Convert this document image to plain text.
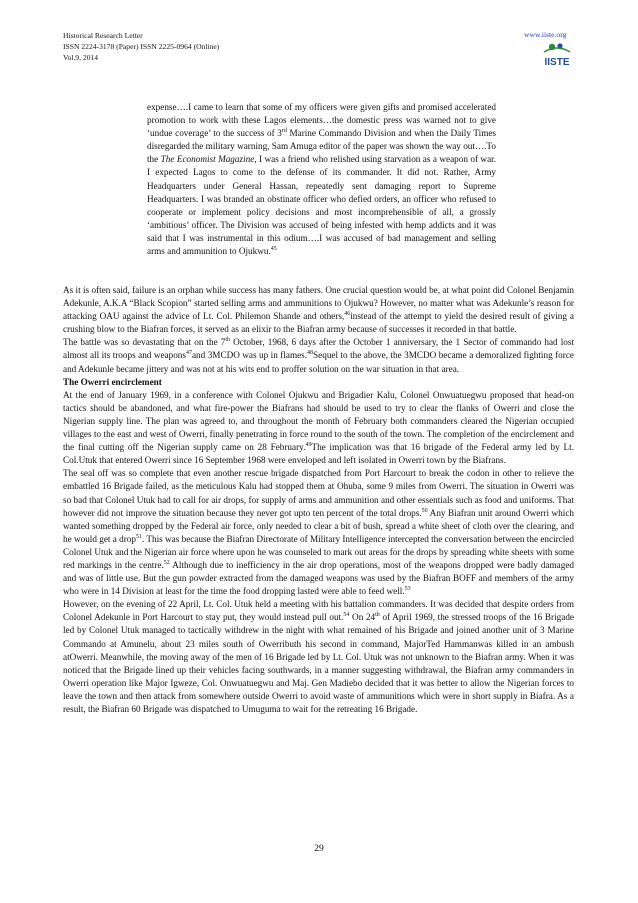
Historical Research Letter
ISSN 2224-3178 (Paper) ISSN 2225-0964 (Online)
Vol.9, 2014
www.iiste.org
IISTE
expense….I came to learn that some of my officers were given gifts and promised accelerated promotion to work with these Lagos elements…the domestic press was warned not to give ‘undue coverage’ to the success of 3rd Marine Commando Division and when the Daily Times disregarded the military warning, Sam Amuga editor of the paper was shown the way out….To the The Economist Magazine, I was a friend who relished using starvation as a weapon of war. I expected Lagos to come to the defense of its commander. It did not. Rather, Army Headquarters under General Hassan, repeatedly sent damaging report to Supreme Headquarters. I was branded an obstinate officer who defied orders, an officer who refused to cooperate or implement policy decisions and most incomprehensible of all, a grossly ‘ambitious’ officer. The Division was accused of being infested with hemp addicts and it was said that I was instrumental in this odium….I was accused of bad management and selling arms and ammunition to Ojukwu.$^{45}$

As it is often said, failure is an orphan while success has many fathers. One crucial question would be, at what point did Colonel Benjamin Adekunle, A.K.A “Black Scopion” started selling arms and ammunitions to Ojukwu? However, no matter what was Adekunle’s reason for attacking OAU against the advice of Lt. Col. Philemon Shande and others,$^{46}$instead of the attempt to yield the desired result of giving a crushing blow to the Biafran forces, it served as an elixir to the Biafran army because of successes it recorded in that battle.

The battle was so devastating that on the 7th October, 1968, 6 days after the October 1 anniversary, the 1 Sector of commando had lost almost all its troops and weapons$^{47}$and 3MCDO was up in flames.$^{48}$Sequel to the above, the 3MCDO became a demoralized fighting force and Adekunle became jittery and was not at his wits end to proffer solution on the war situation in that area.

The Owerri encirclement

At the end of January 1969, in a conference with Colonel Ojukwu and Brigadier Kalu, Colonel Onwuatuegwu proposed that head-on tactics should be abandoned, and what fire-power the Biafrans had should be used to try to clear the flanks of Owerri and close the Nigerian supply line. The plan was agreed to, and throughout the month of February both commanders cleared the Nigerian occupied villages to the east and west of Owerri, finally penetrating in force round to the south of the town. The completion of the encirclement and the final cutting off the Nigerian supply came on 28 February.$^{49}$The implication was that 16 brigade of the Federal army led by Lt. Col.Utuk that entered Owerri since 16 September 1968 were enveloped and left isolated in Owerri town by the Biafrans.

The seal off was so complete that even another rescue brigade dispatched from Port Harcourt to break the codon in other to relieve the embattled 16 Brigade failed, as the meticulous Kalu had stopped them at Ohuba, some 9 miles from Owerri. The situation in Owerri was so bad that Colonel Utuk had to call for air drops, for supply of arms and ammunition and other essentials such as food and uniforms. That however did not improve the situation because they never got upto ten percent of the total drops.$^{50}$ Any Biafran unit around Owerri which wanted something dropped by the Federal air force, only needed to clear a bit of bush, spread a white sheet of cloth over the clearing, and he would get a drop$^{51}$. This was because the Biafran Directorate of Military Intelligence intercepted the conversation between the encircled Colonel Utuk and the Nigerian air force where upon he was counseled to mark out areas for the drops by spreading white sheets with some red markings in the centre.$^{52}$ Although due to inefficiency in the air drop operations, most of the weapons dropped were badly damaged and was of little use. But the gun powder extracted from the damaged weapons was used by the Biafran BOFF and members of the army who were in 14 Division at least for the time the food dropping lasted were able to feed well.$^{53}$

However, on the evening of 22 April, Lt. Col. Utuk held a meeting with his battalion commanders. It was decided that despite orders from Colonel Adekunle in Port Harcourt to stay put, they would instead pull out.$^{54}$ On 24th of April 1969, the stressed troops of the 16 Brigade led by Colonel Utuk managed to tactically withdrew in the night with what remained of his Brigade and joined another unit of 3 Marine Commando at Amunelu, about 23 miles south of Owerributh his second in command, MajorTed Hammanwas killed in an ambush atOwerri. Meanwhile, the moving away of the men of 16 Brigade led by Lt. Col. Utuk was not unknown to the Biafran army. When it was noticed that the Brigade lined up their vehicles facing southwards, in a manner suggesting withdrawal, the Biafran army commanders in Owerri operation like Major Igweze, Col. Onwuatuegwu and Maj. Gen Madiebo decided that it was better to allow the Nigerian forces to leave the town and then attack from somewhere outside Owerri to avoid waste of ammunitions which were in short supply in Biafra. As a result, the Biafran 60 Brigade was dispatched to Umuguma to wait for the retreating 16 Brigade.

29
